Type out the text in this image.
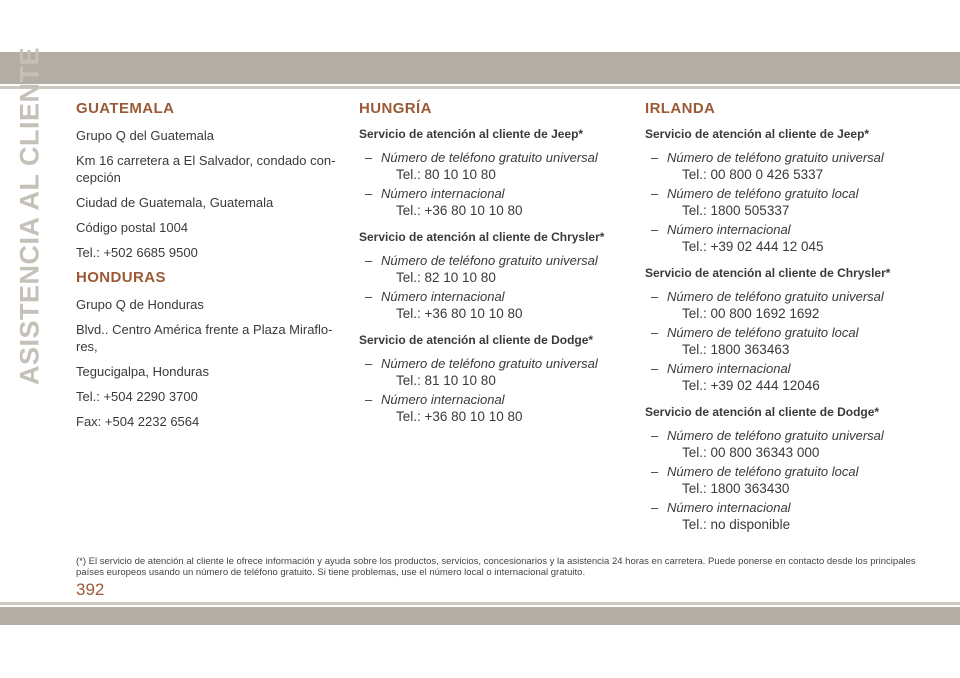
ASISTENCIA AL CLIENTE GUATEMALA

Grupo Q del Guatemala

Km 16 carretera a El Salvador, condado con-cepción

Ciudad de Guatemala, Guatemala

Código postal 1004

Tel.: +502 6685 9500

HONDURAS

Grupo Q de Honduras

Blvd.. Centro América frente a Plaza Miraflo-res,

Tegucigalpa, Honduras

Tel.: +504 2290 3700

Fax: +504 2232 6564

HUNGRÍA
Servicio de atención al cliente de Jeep*
– Número de teléfono gratuito universal
Tel.: 80 10 10 80
– Número internacional
Tel.: +36 80 10 10 80
Servicio de atención al cliente de Chrysler*
– Número de teléfono gratuito universal
Tel.: 82 10 10 80
– Número internacional
Tel.: +36 80 10 10 80
Servicio de atención al cliente de Dodge*
– Número de teléfono gratuito universal
Tel.: 81 10 10 80
– Número internacional
Tel.: +36 80 10 10 80
IRLANDA
Servicio de atención al cliente de Jeep*
– Número de teléfono gratuito universal
Tel.: 00 800 0 426 5337
– Número de teléfono gratuito local
Tel.: 1800 505337
– Número internacional
Tel.: +39 02 444 12 045
Servicio de atención al cliente de Chrysler*
– Número de teléfono gratuito universal
Tel.: 00 800 1692 1692
– Número de teléfono gratuito local
Tel.: 1800 363463
– Número internacional
Tel.: +39 02 444 12046
Servicio de atención al cliente de Dodge*
– Número de teléfono gratuito universal
Tel.: 00 800 36343 000
– Número de teléfono gratuito local
Tel.: 1800 363430
– Número internacional
Tel.: no disponible
(*) El servicio de atención al cliente le ofrece información y ayuda sobre los productos, servicios, concesionarios y la asistencia 24 horas en carretera. Puede ponerse en contacto desde los principales países europeos usando un número de teléfono gratuito. Si tiene problemas, use el número local o internacional gratuito.
392
